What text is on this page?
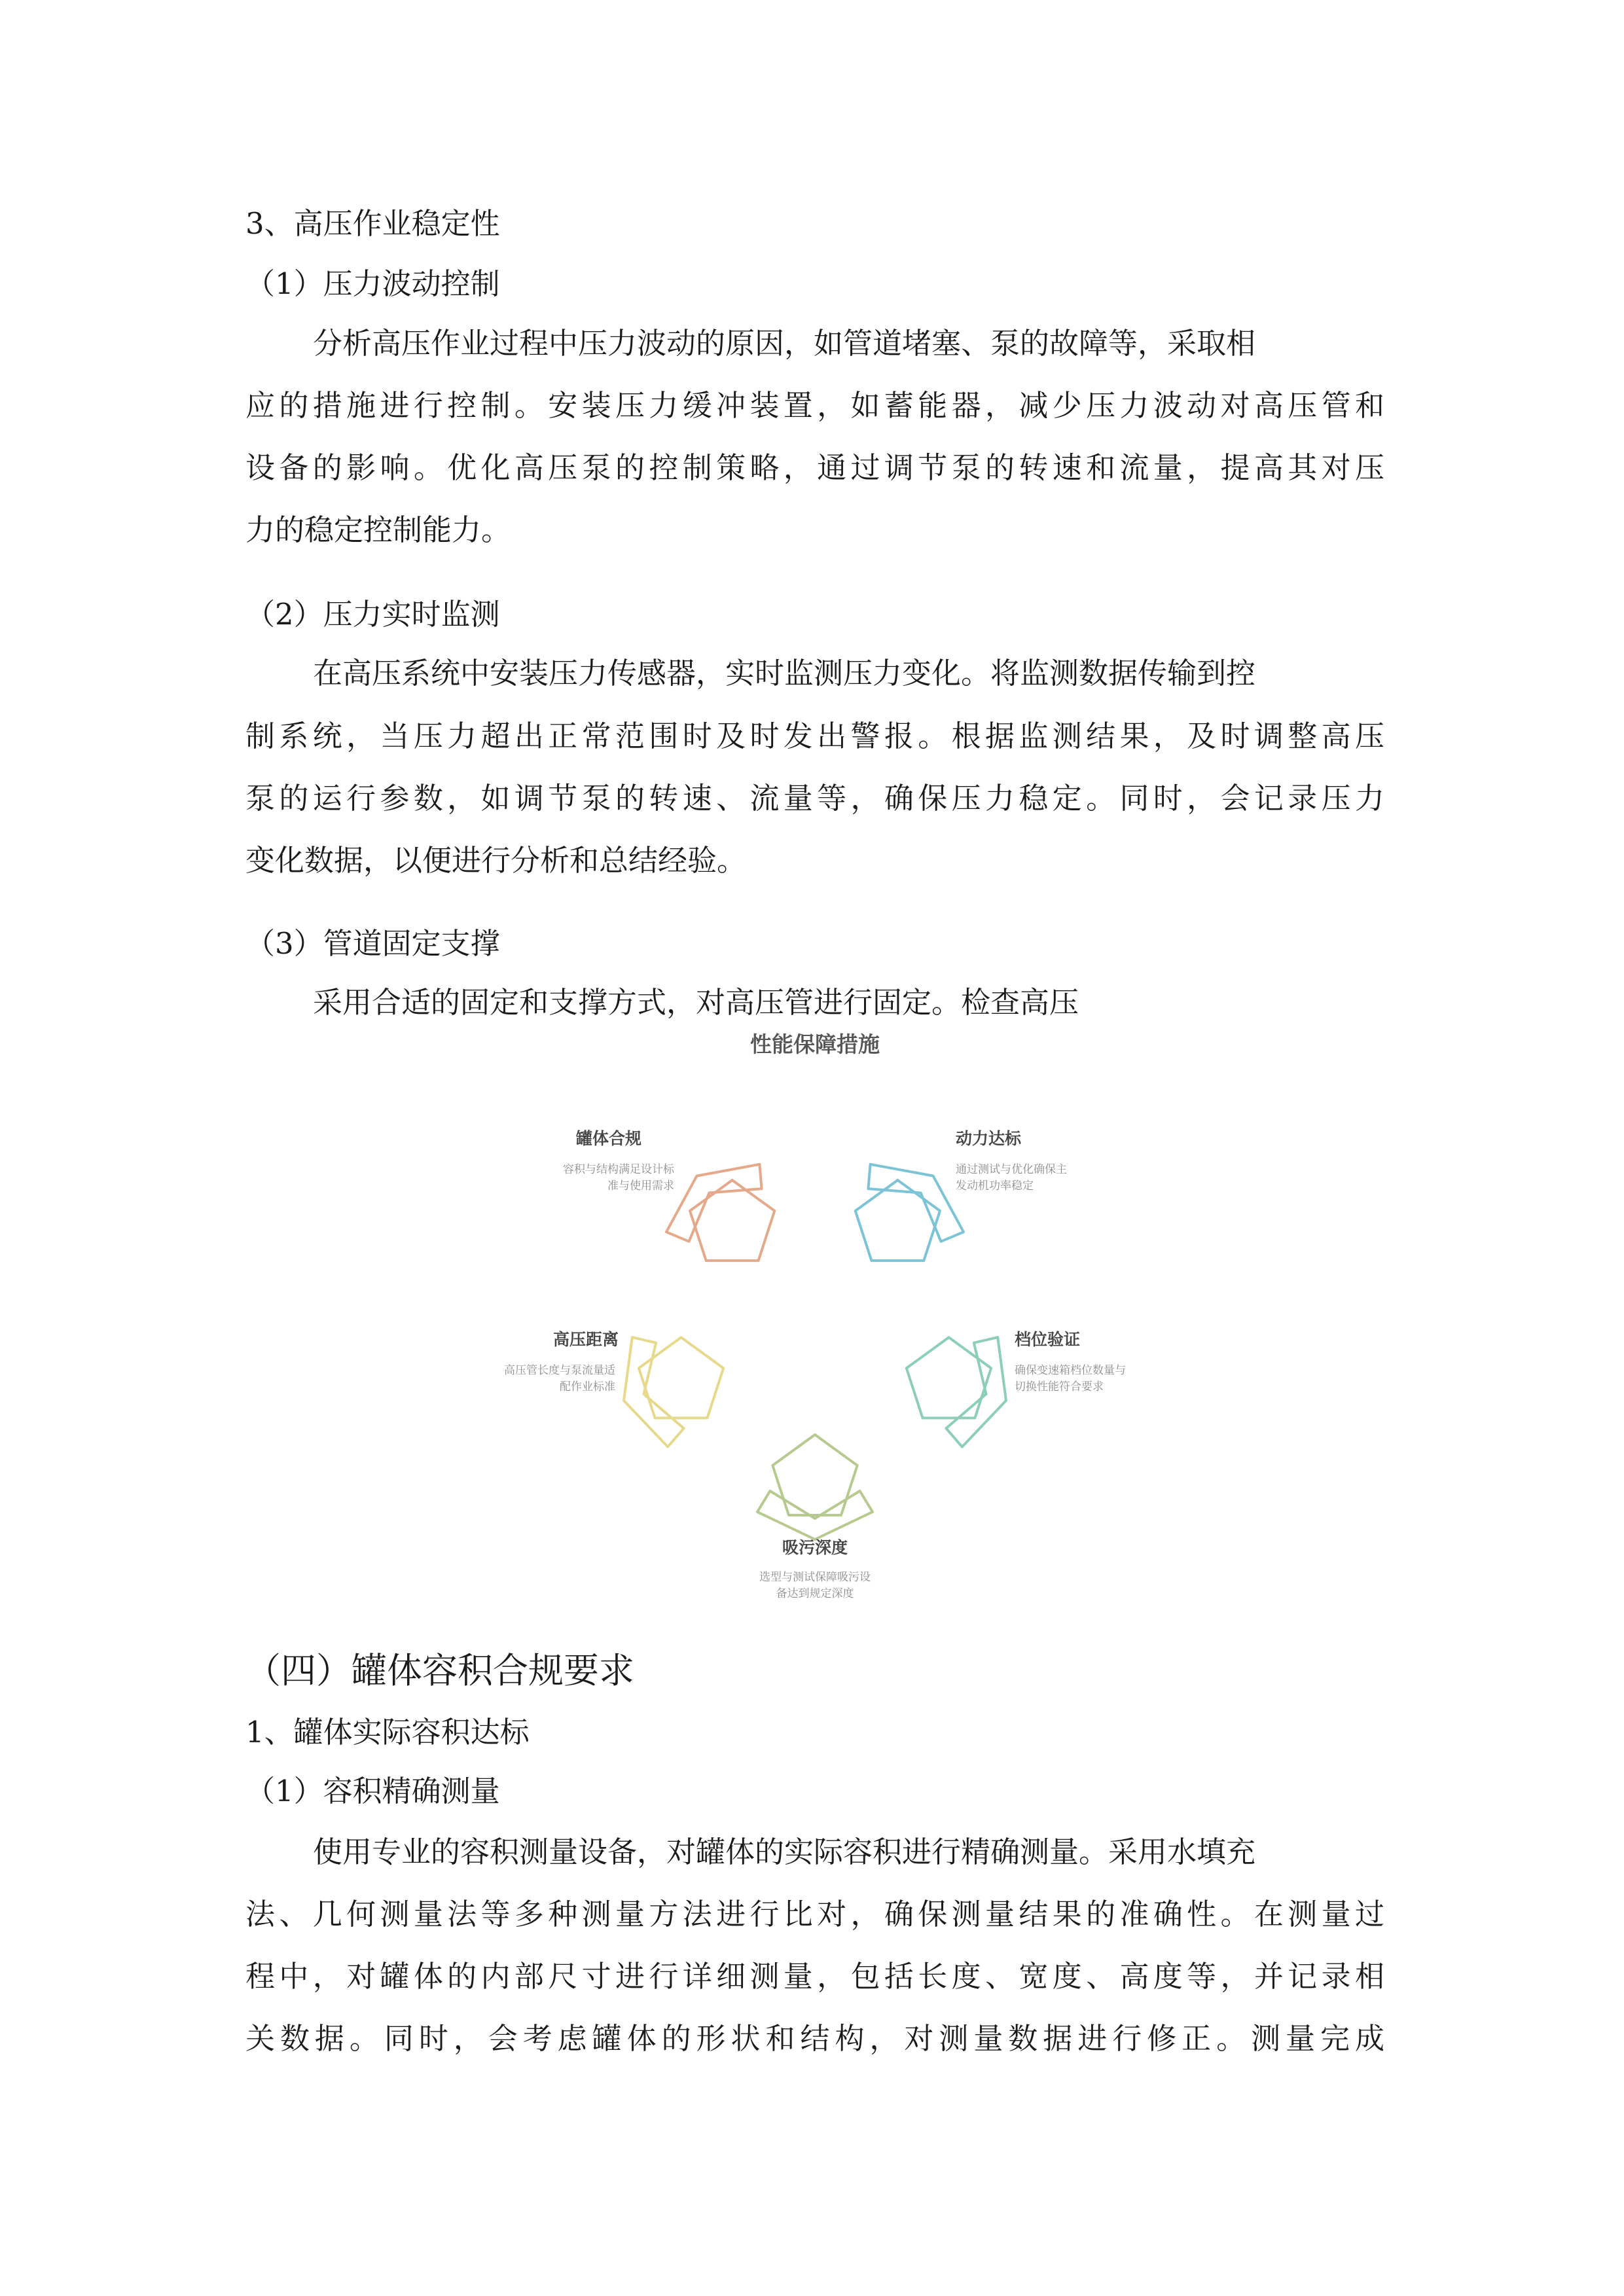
3、高压作业稳定性
（1）压力波动控制
分析高压作业过程中压力波动的原因，如管道堵塞、泵的故障等，采取相
应的措施进行控制。安装压力缓冲装置，如蓄能器，减少压力波动对高压管和
设备的影响。优化高压泵的控制策略，通过调节泵的转速和流量，提高其对压
力的稳定控制能力。
（2）压力实时监测
在高压系统中安装压力传感器，实时监测压力变化。将监测数据传输到控
制系统，当压力超出正常范围时及时发出警报。根据监测结果，及时调整高压
泵的运行参数，如调节泵的转速、流量等，确保压力稳定。同时，会记录压力
变化数据，以便进行分析和总结经验。
（3）管道固定支撑
采用合适的固定和支撑方式，对高压管进行固定。检查高压
性能保障措施
罐体合规
容积与结构满足设计标
准与使用需求
动力达标
通过测试与优化确保主
发动机功率稳定
档位验证
确保变速箱档位数量与
切换性能符合要求
吸污深度
选型与测试保障吸污设
备达到规定深度
高压距离
高压管长度与泵流量适
配作业标准
（四）罐体容积合规要求
1、罐体实际容积达标
（1）容积精确测量
使用专业的容积测量设备，对罐体的实际容积进行精确测量。采用水填充
法、几何测量法等多种测量方法进行比对，确保测量结果的准确性。在测量过
程中，对罐体的内部尺寸进行详细测量，包括长度、宽度、高度等，并记录相
关数据。同时，会考虑罐体的形状和结构，对测量数据进行修正。测量完成
